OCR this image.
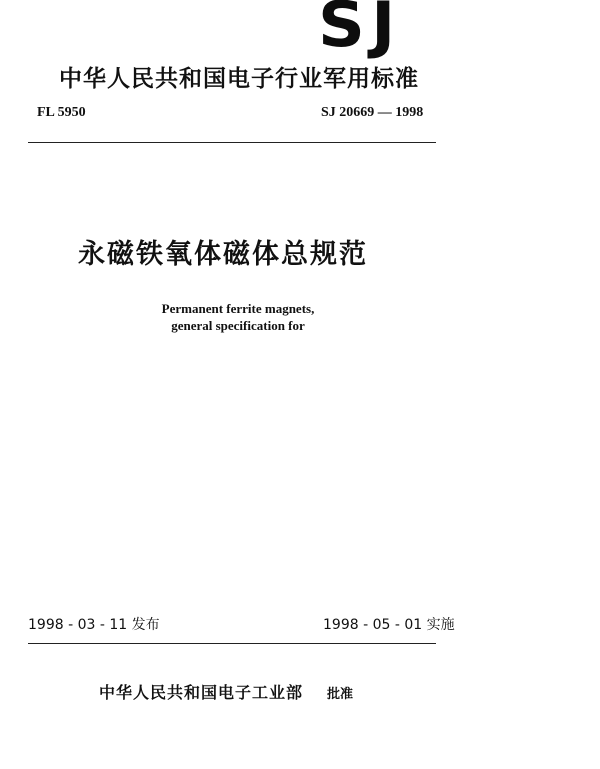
SJ
中华人民共和国电子行业军用标准
FL 5950	SJ 20669 — 1998
永磁铁氧体磁体总规范
Permanent ferrite magnets,
general specification for
1998 - 03 - 11 发布	1998 - 05 - 01 实施
中华人民共和国电子工业部 批准
